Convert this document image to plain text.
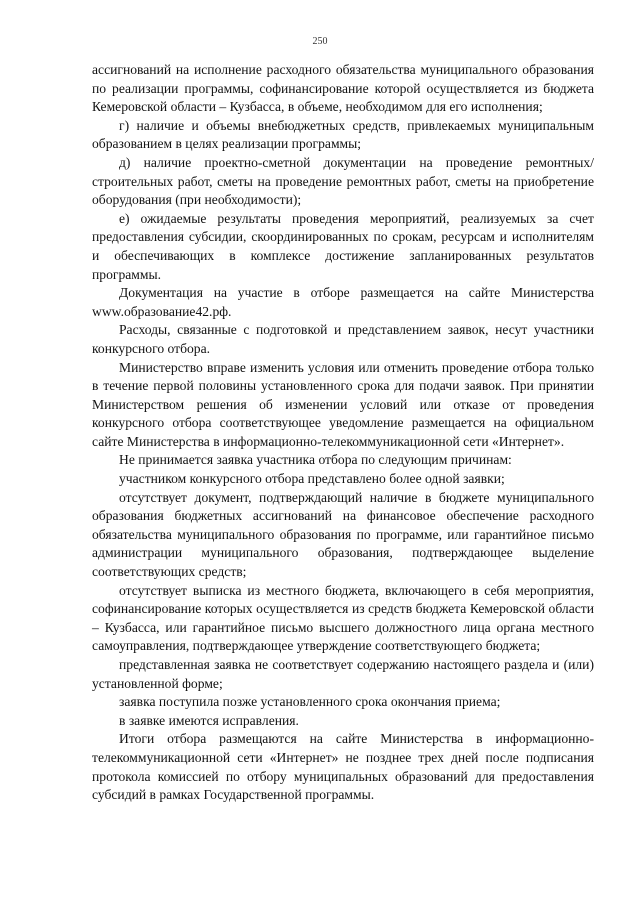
250

ассигнований на исполнение расходного обязательства муниципального образования по реализации программы, софинансирование которой осуществляется из бюджета Кемеровской области – Кузбасса, в объеме, необходимом для его исполнения;

г) наличие и объемы внебюджетных средств, привлекаемых муниципальным образованием в целях реализации программы;

д) наличие проектно-сметной документации на проведение ремонтных/строительных работ, сметы на проведение ремонтных работ, сметы на приобретение оборудования (при необходимости);

е) ожидаемые результаты проведения мероприятий, реализуемых за счет предоставления субсидии, скоординированных по срокам, ресурсам и исполнителям и обеспечивающих в комплексе достижение запланированных результатов программы.

Документация на участие в отборе размещается на сайте Министерства www.образование42.рф.

Расходы, связанные с подготовкой и представлением заявок, несут участники конкурсного отбора.

Министерство вправе изменить условия или отменить проведение отбора только в течение первой половины установленного срока для подачи заявок. При принятии Министерством решения об изменении условий или отказе от проведения конкурсного отбора соответствующее уведомление размещается на официальном сайте Министерства в информационно-телекоммуникационной сети «Интернет».

Не принимается заявка участника отбора по следующим причинам:

участником конкурсного отбора представлено более одной заявки;

отсутствует документ, подтверждающий наличие в бюджете муниципального образования бюджетных ассигнований на финансовое обеспечение расходного обязательства муниципального образования по программе, или гарантийное письмо администрации муниципального образования, подтверждающее выделение соответствующих средств;

отсутствует выписка из местного бюджета, включающего в себя мероприятия, софинансирование которых осуществляется из средств бюджета Кемеровской области – Кузбасса, или гарантийное письмо высшего должностного лица органа местного самоуправления, подтверждающее утверждение соответствующего бюджета;

представленная заявка не соответствует содержанию настоящего раздела и (или) установленной форме;

заявка поступила позже установленного срока окончания приема;

в заявке имеются исправления.

Итоги отбора размещаются на сайте Министерства в информационно-телекоммуникационной сети «Интернет» не позднее трех дней после подписания протокола комиссией по отбору муниципальных образований для предоставления субсидий в рамках Государственной программы.
